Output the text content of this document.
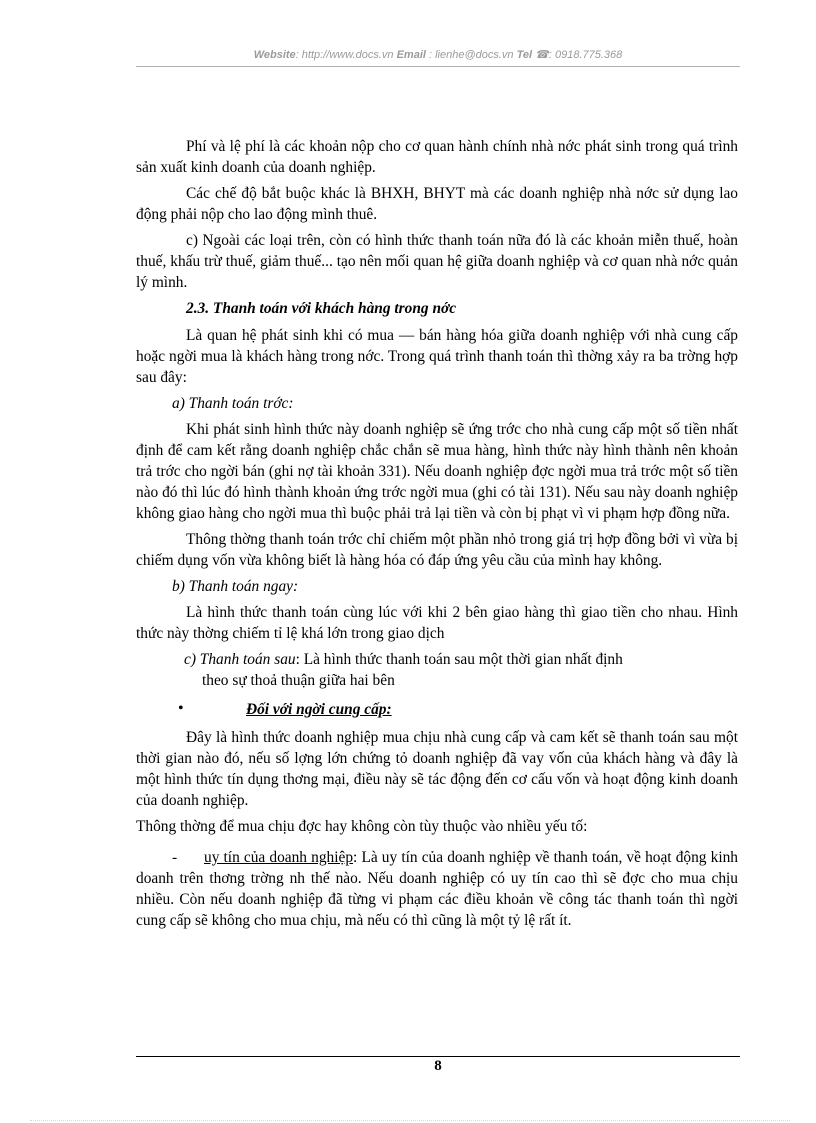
Website: http://www.docs.vn Email : lienhe@docs.vn Tel ☎: 0918.775.368

Phí và lệ phí là các khoản nộp cho cơ quan hành chính nhà nớc phát sinh trong quá trình sản xuất kinh doanh của doanh nghiệp.

Các chế độ bắt buộc khác là BHXH, BHYT mà các doanh nghiệp nhà nớc sử dụng lao động phải nộp cho lao động mình thuê.

c) Ngoài các loại trên, còn có hình thức thanh toán nữa đó là các khoản miễn thuế, hoàn thuế, khấu trừ thuế, giảm thuế... tạo nên mối quan hệ giữa doanh nghiệp và cơ quan nhà nớc quản lý mình.

2.3. Thanh toán với khách hàng trong nớc

Là quan hệ phát sinh khi có mua — bán hàng hóa giữa doanh nghiệp với nhà cung cấp hoặc ngời mua là khách hàng trong nớc. Trong quá trình thanh toán thì thờng xảy ra ba trờng hợp sau đây:

a) Thanh toán trớc:

Khi phát sinh hình thức này doanh nghiệp sẽ ứng trớc cho nhà cung cấp một số tiền nhất định để cam kết rằng doanh nghiệp chắc chắn sẽ mua hàng, hình thức này hình thành nên khoản trả trớc cho ngời bán (ghi nợ tài khoản 331). Nếu doanh nghiệp đợc ngời mua trả trớc một số tiền nào đó thì lúc đó hình thành khoản ứng trớc ngời mua (ghi có tài 131). Nếu sau này doanh nghiệp không giao hàng cho ngời mua thì buộc phải trả lại tiền và còn bị phạt vì vi phạm hợp đồng nữa.

Thông thờng thanh toán trớc chỉ chiếm một phần nhỏ trong giá trị hợp đồng bởi vì vừa bị chiếm dụng vốn vừa không biết là hàng hóa có đáp ứng yêu cầu của mình hay không.

b) Thanh toán ngay:

Là hình thức thanh toán cùng lúc với khi 2 bên giao hàng thì giao tiền cho nhau. Hình thức này thờng chiếm tỉ lệ khá lớn trong giao dịch

c) Thanh toán sau: Là hình thức thanh toán sau một thời gian nhất định
theo sự thoả thuận giữa hai bên
•	Đối với ngời cung cấp:

Đây là hình thức doanh nghiệp mua chịu nhà cung cấp và cam kết sẽ thanh toán sau một thời gian nào đó, nếu số lợng lớn chứng tỏ doanh nghiệp đã vay vốn của khách hàng và đây là một hình thức tín dụng thơng mại, điều này sẽ tác động đến cơ cấu vốn và hoạt động kinh doanh của doanh nghiệp.

Thông thờng để mua chịu đợc hay không còn tùy thuộc vào nhiều yếu tố:

- uy tín của doanh nghiệp: Là uy tín của doanh nghiệp về thanh toán, về hoạt động kinh doanh trên thơng trờng nh thế nào. Nếu doanh nghiệp có uy tín cao thì sẽ đợc cho mua chịu nhiều. Còn nếu doanh nghiệp đã từng vi phạm các điều khoản về công tác thanh toán thì ngời cung cấp sẽ không cho mua chịu, mà nếu có thì cũng là một tỷ lệ rất ít.

8
